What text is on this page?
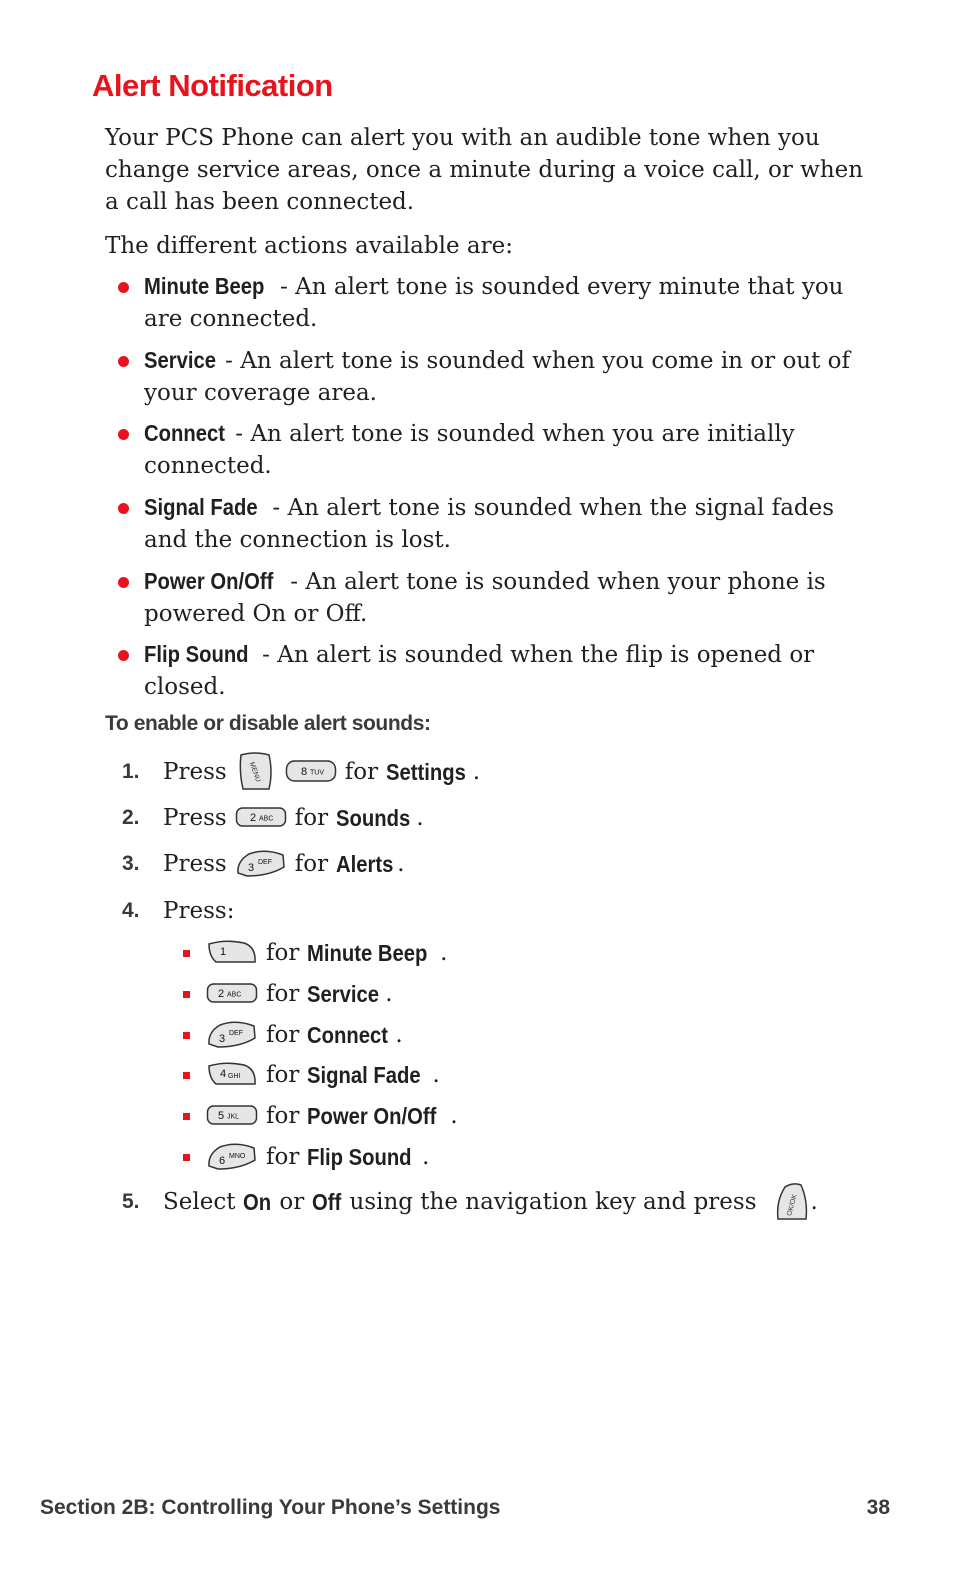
Alert Notification

Your PCS Phone can alert you with an audible tone when you change service areas, once a minute during a voice call, or when a call has been connected.

The different actions available are:

Minute Beep - An alert tone is sounded every minute that you are connected.
Service - An alert tone is sounded when you come in or out of your coverage area.
Connect - An alert tone is sounded when you are initially connected.
Signal Fade - An alert tone is sounded when the signal fades and the connection is lost.
Power On/Off - An alert tone is sounded when your phone is powered On or Off.
Flip Sound - An alert is sounded when the flip is opened or closed.
To enable or disable alert sounds:
1. Press	MENU	8 TUV for Settings .
2. Press 2 ABC for Sounds .
3. Press 3 DEF for Alerts .
4. Press:
1 for Minute Beep .
2 ABC for Service .
3 DEF for Connect .
4 GHI for Signal Fade .
5 JKL for Power On/Off .
6 MNO for Flip Sound .
5. Select On or Off using the navigation key and press	OK/OK .
Section 2B: Controlling Your Phone’s Settings	38
